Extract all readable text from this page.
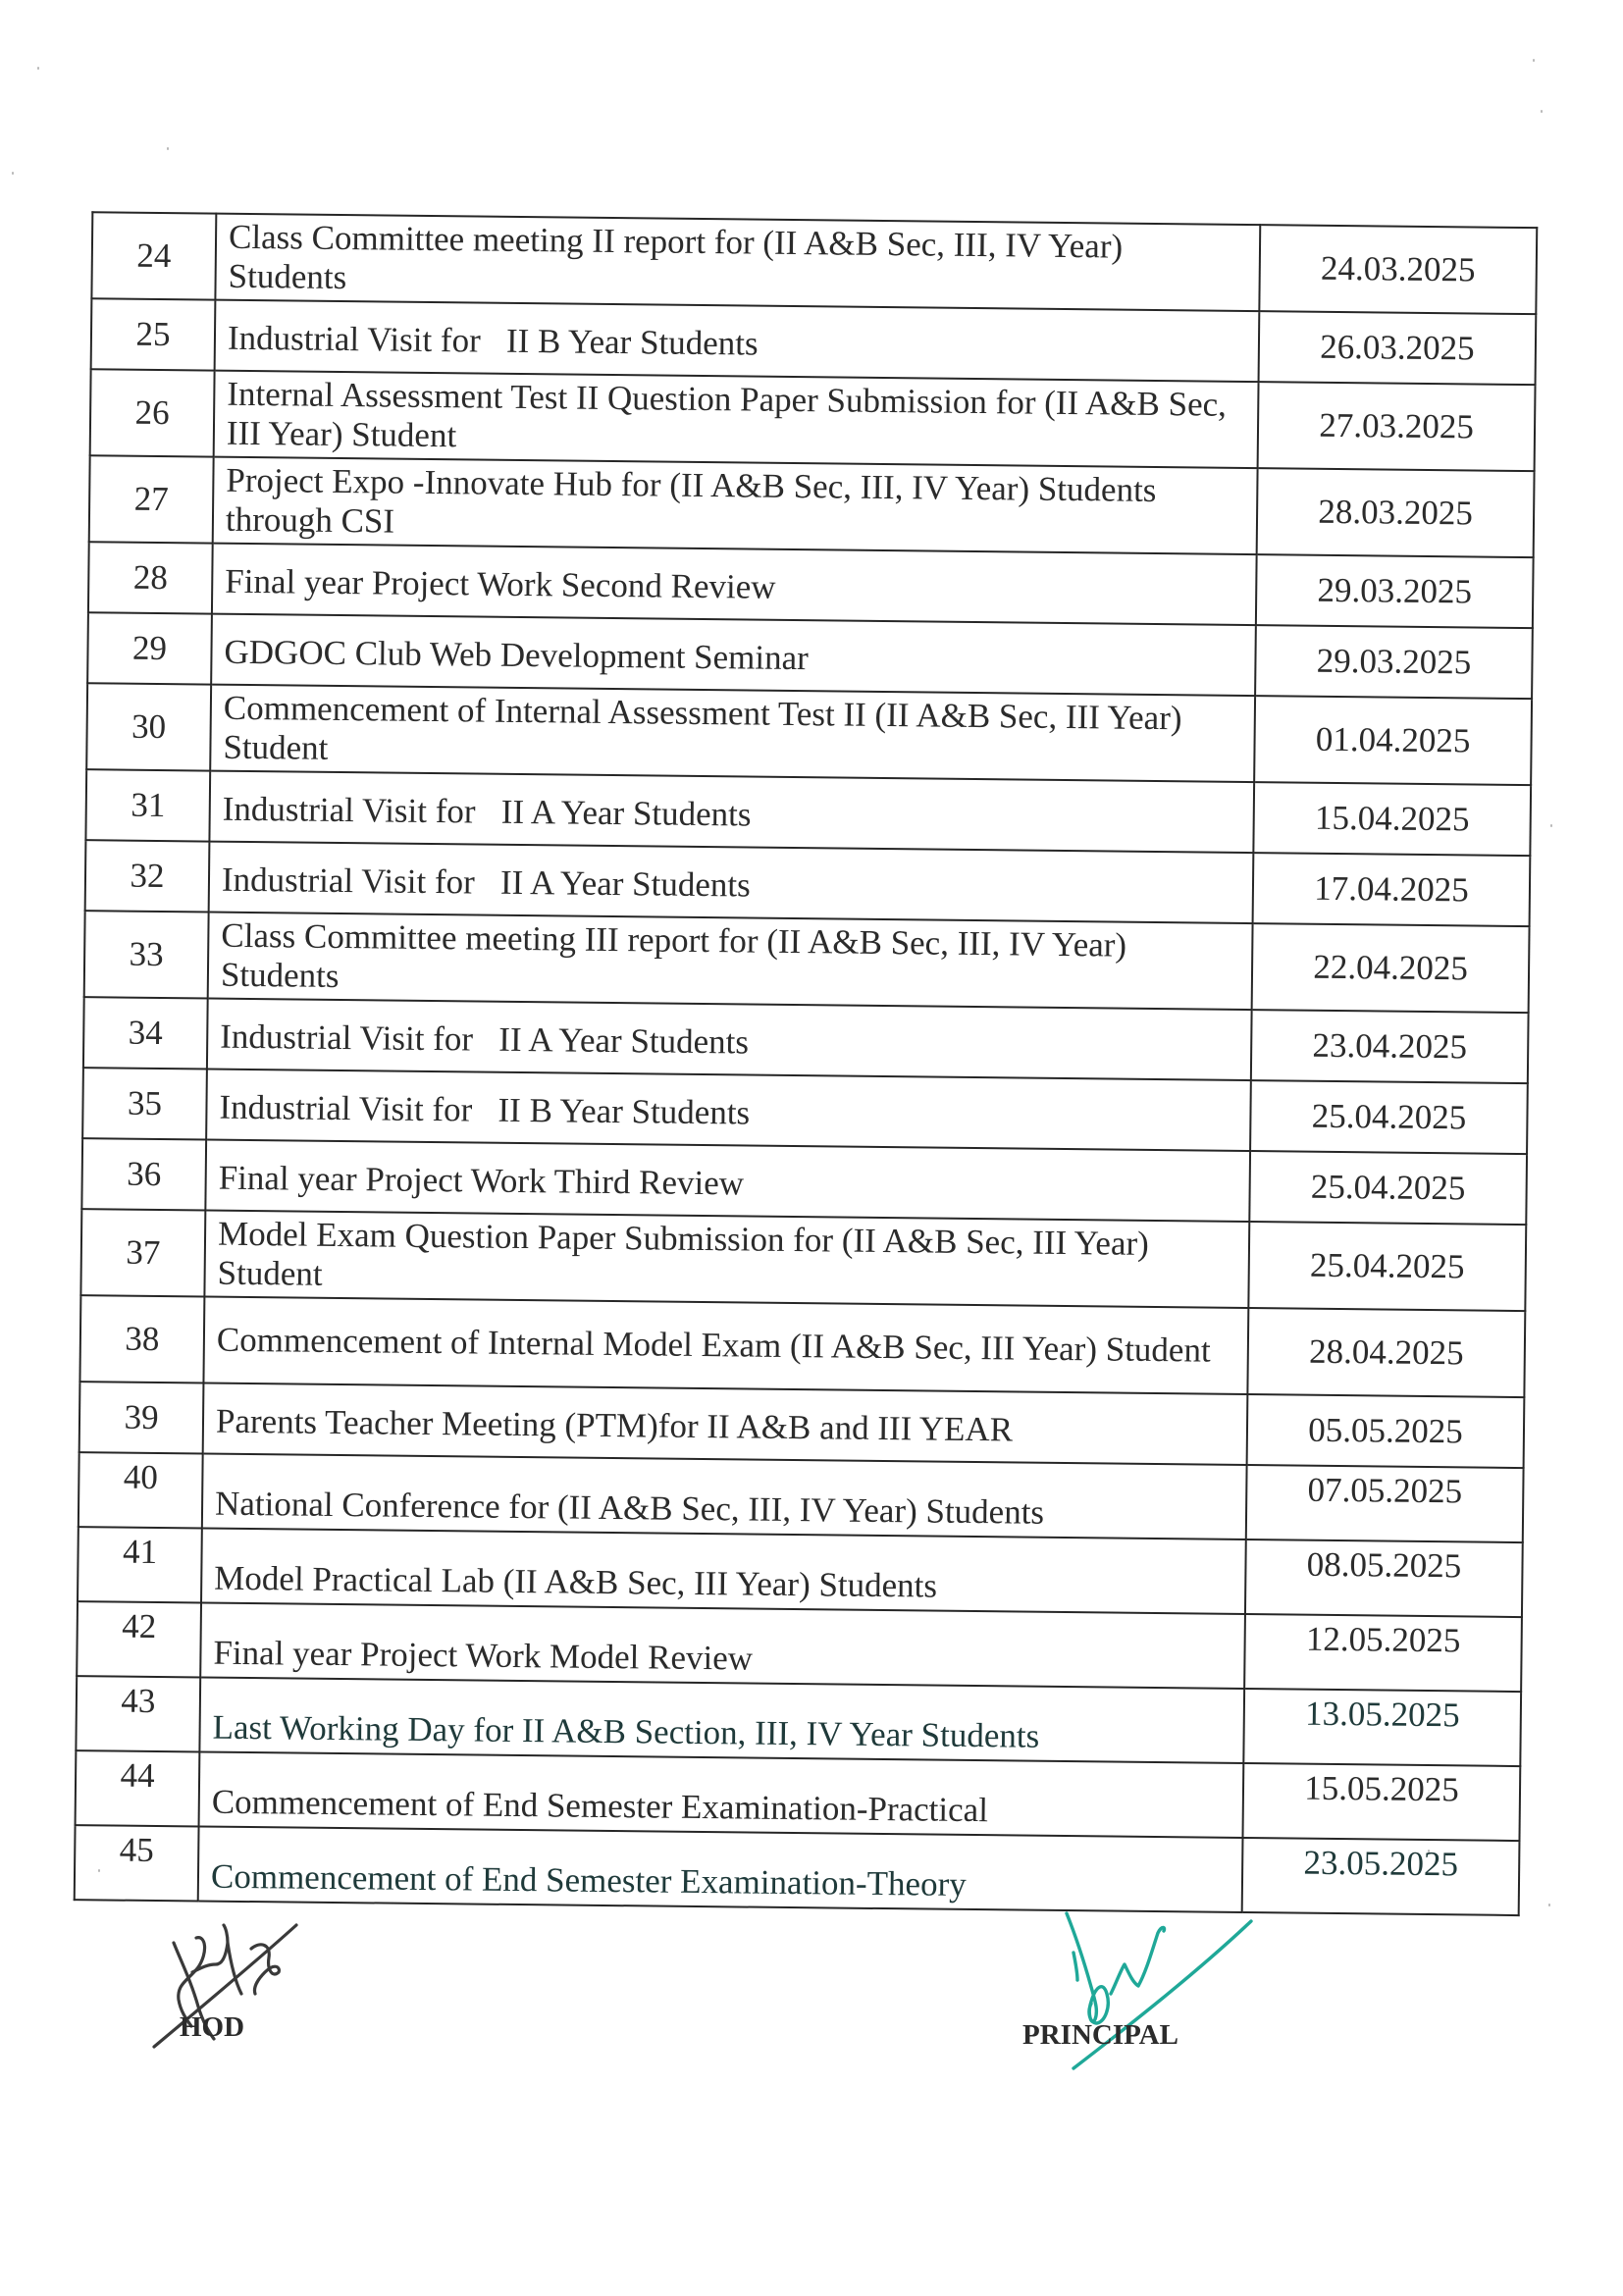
24	Class Committee meeting II report for (II A&B Sec, III, IV Year) Students	24.03.2025
25	Industrial Visit for   II B Year Students	26.03.2025
26	Internal Assessment Test II Question Paper Submission for (II A&B Sec, III Year) Student	27.03.2025
27	Project Expo -Innovate Hub for (II A&B Sec, III, IV Year) Students through CSI	28.03.2025
28	Final year Project Work Second Review	29.03.2025
29	GDGOC Club Web Development Seminar	29.03.2025
30	Commencement of Internal Assessment Test II (II A&B Sec, III Year) Student	01.04.2025
31	Industrial Visit for   II A Year Students	15.04.2025
32	Industrial Visit for   II A Year Students	17.04.2025
33	Class Committee meeting III report for (II A&B Sec, III, IV Year) Students	22.04.2025
34	Industrial Visit for   II A Year Students	23.04.2025
35	Industrial Visit for   II B Year Students	25.04.2025
36	Final year Project Work Third Review	25.04.2025
37	Model Exam Question Paper Submission for (II A&B Sec, III Year) Student	25.04.2025
38	Commencement of Internal Model Exam (II A&B Sec, III Year) Student	28.04.2025
39	Parents Teacher Meeting (PTM)for II A&B and III YEAR	05.05.2025
40	National Conference for (II A&B Sec, III, IV Year) Students	07.05.2025
41	Model Practical Lab (II A&B Sec, III Year) Students	08.05.2025
42	Final year Project Work Model Review	12.05.2025
43	Last Working Day for II A&B Section, III, IV Year Students	13.05.2025
44	Commencement of End Semester Examination-Practical	15.05.2025
45	Commencement of End Semester Examination-Theory	23.05.2025
HOD	PRINCIPAL
